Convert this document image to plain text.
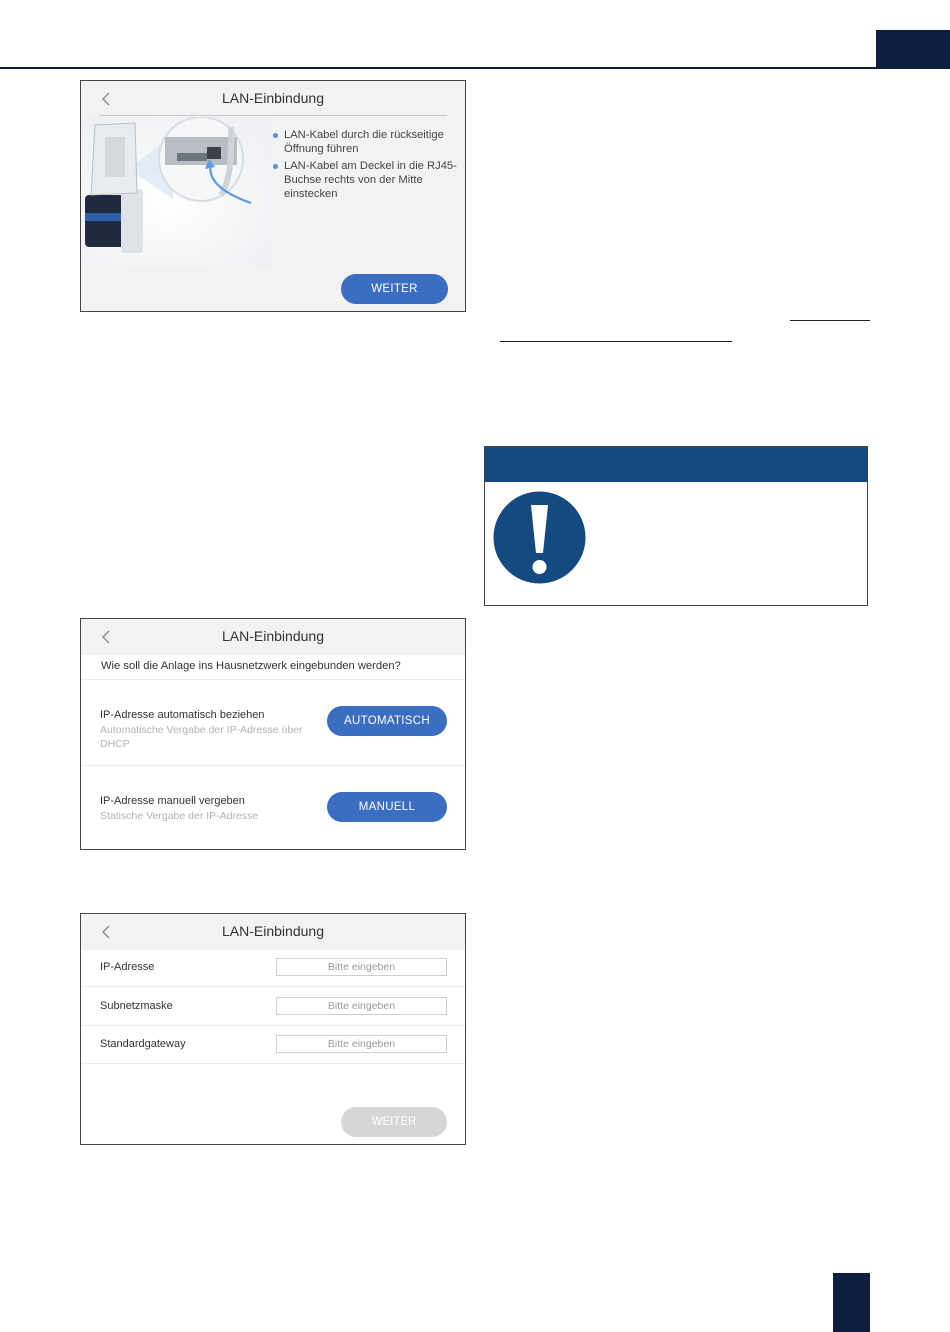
LAN-Einbindung
LAN-Kabel durch die rückseitige Öffnung führen
LAN-Kabel am Deckel in die RJ45-Buchse rechts von der Mitte einstecken
WEITER
LAN-Einbindung
Wie soll die Anlage ins Hausnetzwerk eingebunden werden?
IP-Adresse automatisch beziehen
Automatische Vergabe der IP-Adresse über DHCP
AUTOMATISCH
IP-Adresse manuell vergeben
Statische Vergabe der IP-Adresse
MANUELL
LAN-Einbindung
IP-Adresse
Bitte eingeben
Subnetzmaske
Bitte eingeben
Standardgateway
Bitte eingeben
WEITER
